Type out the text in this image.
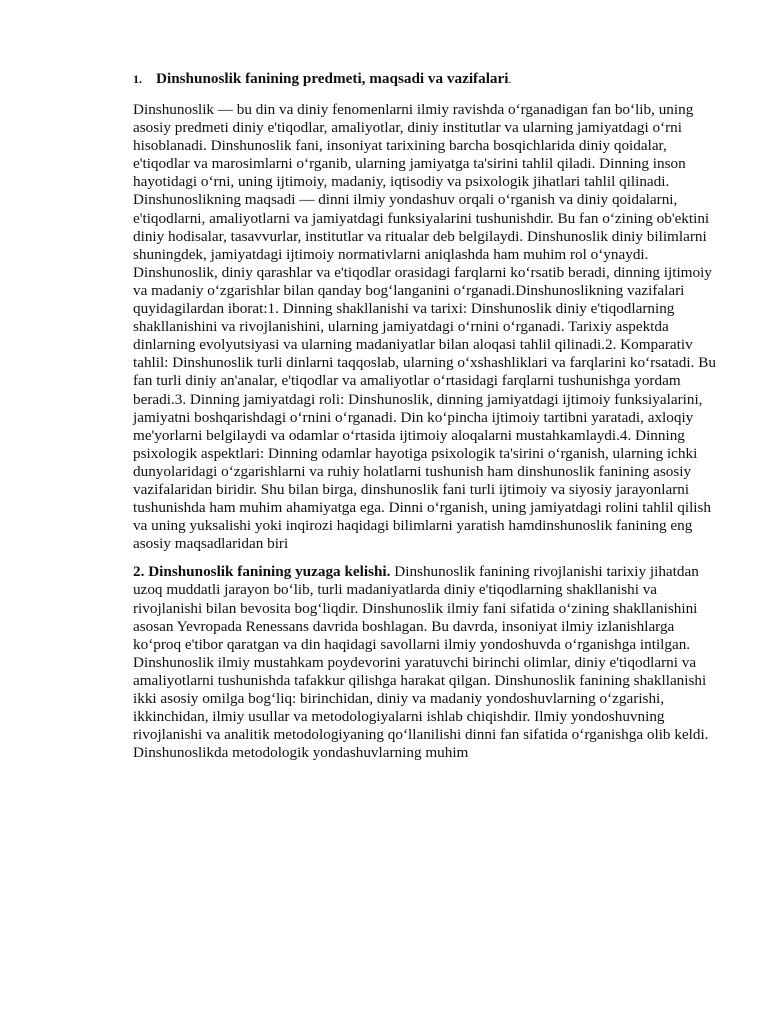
1. Dinshunoslik fanining predmeti, maqsadi va vazifalari.

Dinshunoslik — bu din va diniy fenomenlarni ilmiy ravishda o‘rganadigan fan bo‘lib, uning asosiy predmeti diniy e'tiqodlar, amaliyotlar, diniy institutlar va ularning jamiyatdagi o‘rni hisoblanadi. Dinshunoslik fani, insoniyat tarixining barcha bosqichlarida diniy qoidalar, e'tiqodlar va marosimlarni o‘rganib, ularning jamiyatga ta'sirini tahlil qiladi. Dinning inson hayotidagi o‘rni, uning ijtimoiy, madaniy, iqtisodiy va psixologik jihatlari tahlil qilinadi. Dinshunoslikning maqsadi — dinni ilmiy yondashuv orqali o‘rganish va diniy qoidalarni, e'tiqodlarni, amaliyotlarni va jamiyatdagi funksiyalarini tushunishdir. Bu fan o‘zining ob'ektini diniy hodisalar, tasavvurlar, institutlar va ritualar deb belgilaydi. Dinshunoslik diniy bilimlarni shuningdek, jamiyatdagi ijtimoiy normativlarni aniqlashda ham muhim rol o‘ynaydi. Dinshunoslik, diniy qarashlar va e'tiqodlar orasidagi farqlarni ko‘rsatib beradi, dinning ijtimoiy va madaniy o‘zgarishlar bilan qanday bog‘langanini o‘rganadi.Dinshunoslikning vazifalari quyidagilardan iborat:1. Dinning shakllanishi va tarixi: Dinshunoslik diniy e'tiqodlarning shakllanishini va rivojlanishini, ularning jamiyatdagi o‘rnini o‘rganadi. Tarixiy aspektda dinlarning evolyutsiyasi va ularning madaniyatlar bilan aloqasi tahlil qilinadi.2. Komparativ tahlil: Dinshunoslik turli dinlarni taqqoslab, ularning o‘xshashliklari va farqlarini ko‘rsatadi. Bu fan turli diniy an'analar, e'tiqodlar va amaliyotlar o‘rtasidagi farqlarni tushunishga yordam beradi.3. Dinning jamiyatdagi roli: Dinshunoslik, dinning jamiyatdagi ijtimoiy funksiyalarini, jamiyatni boshqarishdagi o‘rnini o‘rganadi. Din ko‘pincha ijtimoiy tartibni yaratadi, axloqiy me'yorlarni belgilaydi va odamlar o‘rtasida ijtimoiy aloqalarni mustahkamlaydi.4. Dinning psixologik aspektlari: Dinning odamlar hayotiga psixologik ta'sirini o‘rganish, ularning ichki dunyolaridagi o‘zgarishlarni va ruhiy holatlarni tushunish ham dinshunoslik fanining asosiy vazifalaridan biridir. Shu bilan birga, dinshunoslik fani turli ijtimoiy va siyosiy jarayonlarni tushunishda ham muhim ahamiyatga ega. Dinni o‘rganish, uning jamiyatdagi rolini tahlil qilish va uning yuksalishi yoki inqirozi haqidagi bilimlarni yaratish hamdinshunoslik fanining eng asosiy maqsadlaridan biri

2. Dinshunoslik fanining yuzaga kelishi. Dinshunoslik fanining rivojlanishi tarixiy jihatdan uzoq muddatli jarayon bo‘lib, turli madaniyatlarda diniy e'tiqodlarning shakllanishi va rivojlanishi bilan bevosita bog‘liqdir. Dinshunoslik ilmiy fani sifatida o‘zining shakllanishini asosan Yevropada Renessans davrida boshlagan. Bu davrda, insoniyat ilmiy izlanishlarga ko‘proq e'tibor qaratgan va din haqidagi savollarni ilmiy yondoshuvda o‘rganishga intilgan. Dinshunoslik ilmiy mustahkam poydevorini yaratuvchi birinchi olimlar, diniy e'tiqodlarni va amaliyotlarni tushunishda tafakkur qilishga harakat qilgan. Dinshunoslik fanining shakllanishi ikki asosiy omilga bog‘liq: birinchidan, diniy va madaniy yondoshuvlarning o‘zgarishi, ikkinchidan, ilmiy usullar va metodologiyalarni ishlab chiqishdir. Ilmiy yondoshuvning rivojlanishi va analitik metodologiyaning qo‘llanilishi dinni fan sifatida o‘rganishga olib keldi. Dinshunoslikda metodologik yondashuvlarning muhim
